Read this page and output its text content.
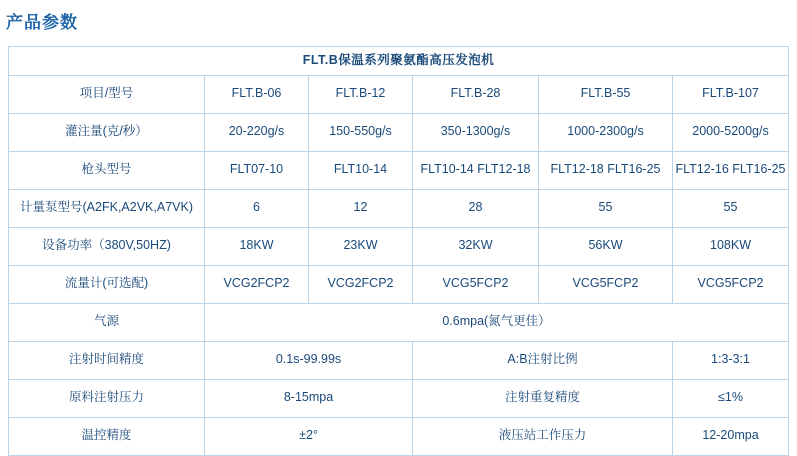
产品参数
FLT.B保温系列聚氨酯高压发泡机					
项目/型号	FLT.B-06	FLT.B-12	FLT.B-28	FLT.B-55	FLT.B-107
灌注量(克/秒）	20-220g/s	150-550g/s	350-1300g/s	1000-2300g/s	2000-5200g/s
枪头型号	FLT07-10	FLT10-14	FLT10-14 FLT12-18	FLT12-18 FLT16-25	FLT12-16 FLT16-25
计量泵型号(A2FK,A2VK,A7VK)	6	12	28	55	55
设备功率（380V,50HZ)	18KW	23KW	32KW	56KW	108KW
流量计(可选配)	VCG2FCP2	VCG2FCP2	VCG5FCP2	VCG5FCP2	VCG5FCP2
气源	0.6mpa(氮气更佳）				
注射时间精度	0.1s-99.99s		A:B注射比例		1:3-3:1
原料注射压力	8-15mpa		注射重复精度		≤1%
温控精度	±2°		液压站工作压力		12-20mpa
